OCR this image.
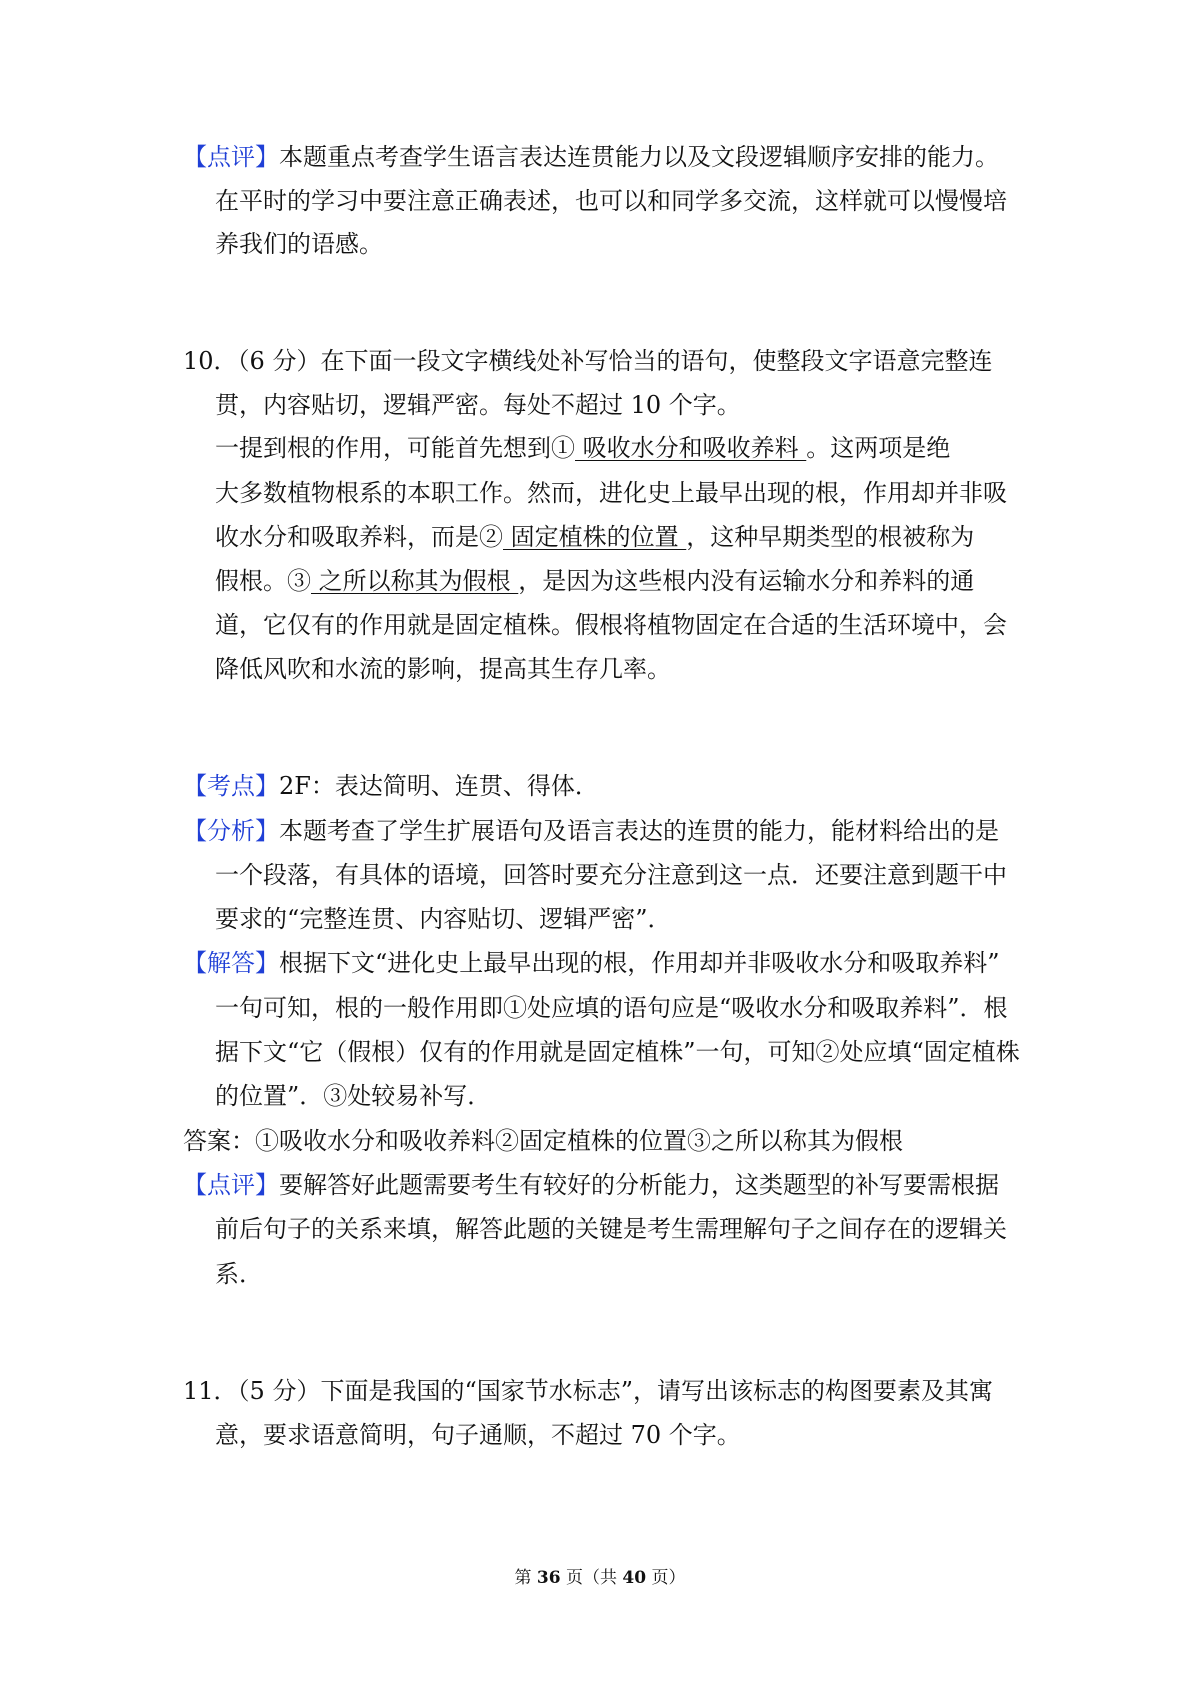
【点评】本题重点考查学生语言表达连贯能力以及文段逻辑顺序安排的能力。
在平时的学习中要注意正确表述，也可以和同学多交流，这样就可以慢慢培
养我们的语感。
10．（6 分）在下面一段文字横线处补写恰当的语句，使整段文字语意完整连
贯，内容贴切，逻辑严密。每处不超过 10 个字。
一提到根的作用，可能首先想到① 吸收水分和吸收养料 。这两项是绝
大多数植物根系的本职工作。然而，进化史上最早出现的根，作用却并非吸
收水分和吸取养料，而是② 固定植株的位置 ，这种早期类型的根被称为
假根。③ 之所以称其为假根 ，是因为这些根内没有运输水分和养料的通
道，它仅有的作用就是固定植株。假根将植物固定在合适的生活环境中，会
降低风吹和水流的影响，提高其生存几率。
【考点】2F：表达简明、连贯、得体．
【分析】本题考查了学生扩展语句及语言表达的连贯的能力，能材料给出的是
一个段落，有具体的语境，回答时要充分注意到这一点．还要注意到题干中
要求的“完整连贯、内容贴切、逻辑严密”．
【解答】根据下文“进化史上最早出现的根，作用却并非吸收水分和吸取养料”
一句可知，根的一般作用即①处应填的语句应是“吸收水分和吸取养料”．根
据下文“它（假根）仅有的作用就是固定植株”一句，可知②处应填“固定植株
的位置”．③处较易补写．
答案：①吸收水分和吸收养料②固定植株的位置③之所以称其为假根
【点评】要解答好此题需要考生有较好的分析能力，这类题型的补写要需根据
前后句子的关系来填，解答此题的关键是考生需理解句子之间存在的逻辑关
系．
11．（5 分）下面是我国的“国家节水标志”，请写出该标志的构图要素及其寓
意，要求语意简明，句子通顺，不超过 70 个字。
第 36 页（共 40 页）
